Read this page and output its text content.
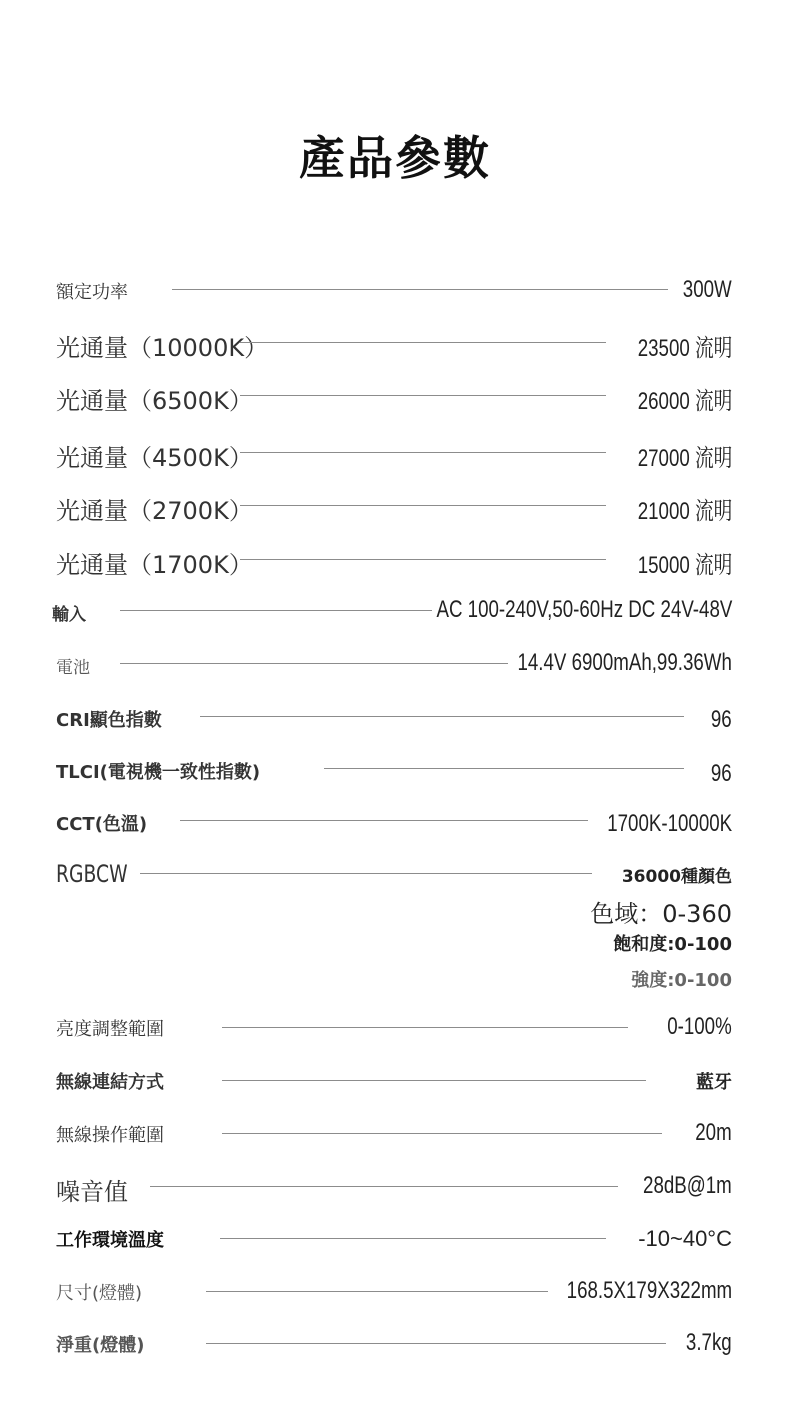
產品參數
額定功率	300W
光通量（10000K）	23500 流明
光通量（6500K）	26000 流明
光通量（4500K）	27000 流明
光通量（2700K）	21000 流明
光通量（1700K）	15000 流明
輸入	AC 100-240V,50-60Hz DC 24V-48V
電池	14.4V 6900mAh,99.36Wh
CRI顯色指數	96
TLCI(電視機一致性指數)	96
CCT(色溫)	1700K-10000K
RGBCW	36000種顏色
色域：0-360
飽和度:0-100
強度:0-100
亮度調整範圍	0-100%
無線連結方式	藍牙
無線操作範圍	20m
噪音值	28dB@1m
工作環境溫度	-10~40°C
尺寸(燈體)	168.5X179X322mm
淨重(燈體)	3.7kg
